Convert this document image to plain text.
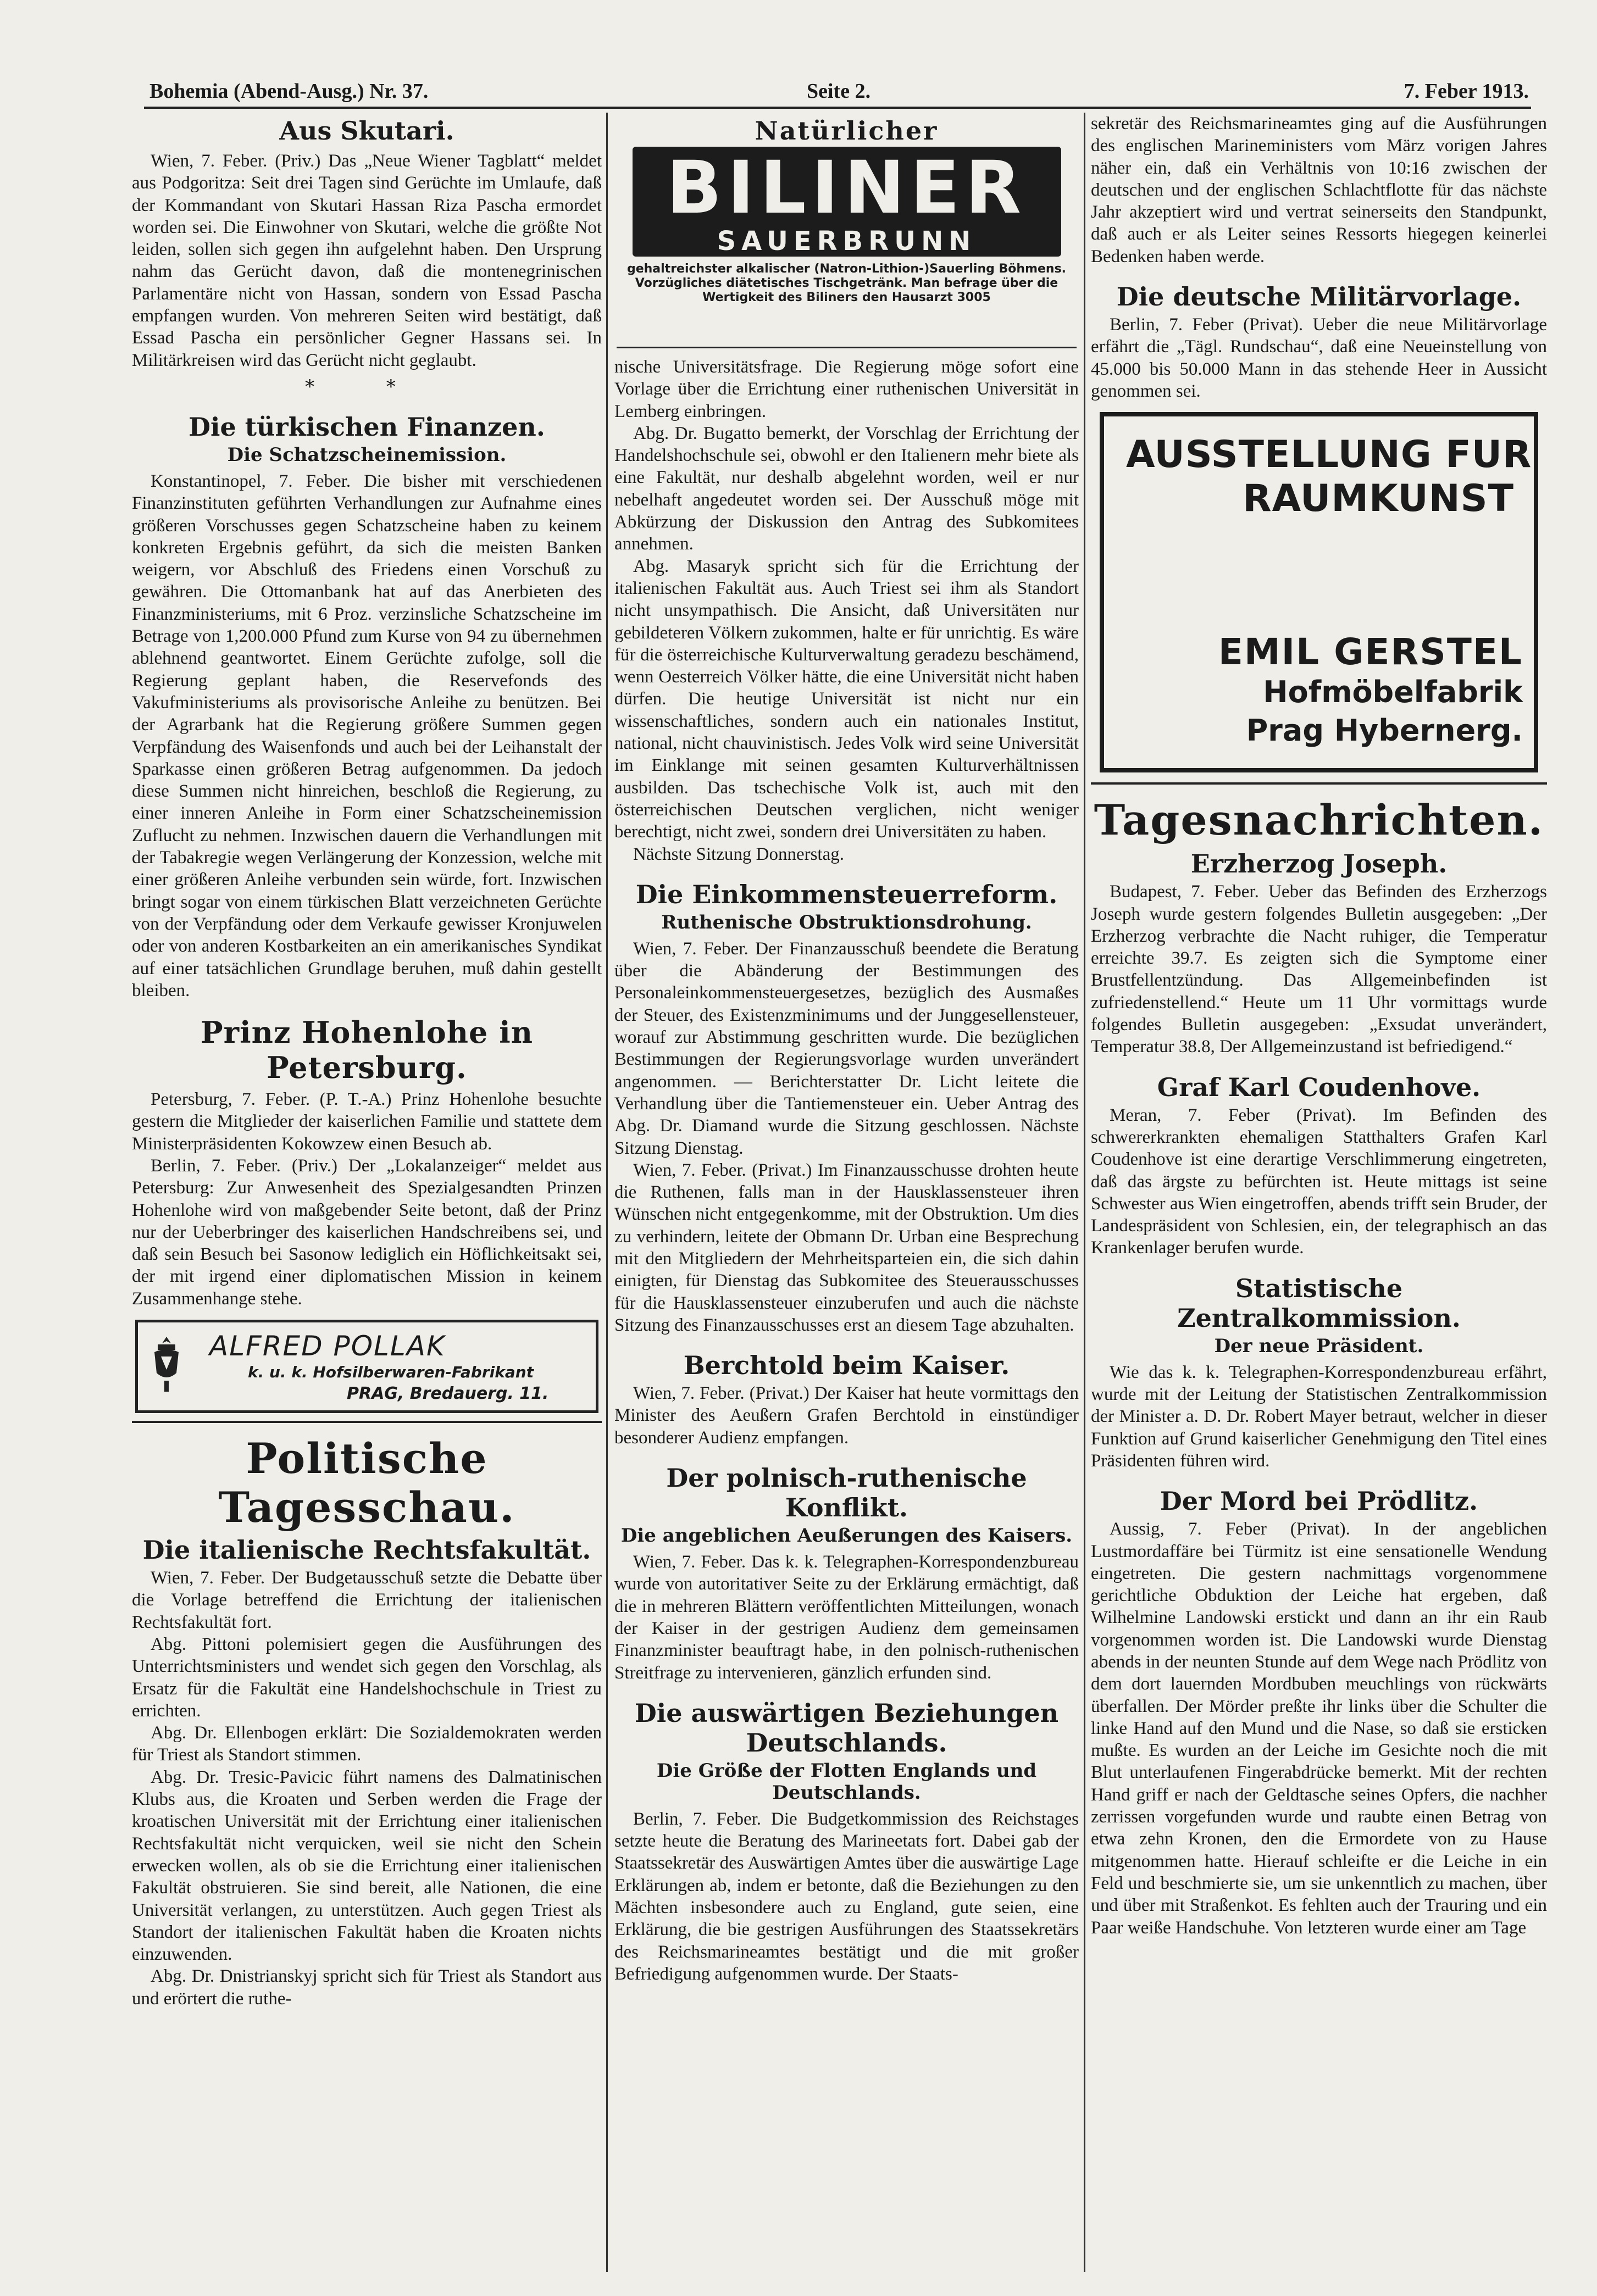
Bohemia (Abend-Ausg.) Nr. 37.	Seite 2.	7. Feber 1913.
Aus Skutari.

Wien, 7. Feber. (Priv.) Das „Neue Wiener Tagblatt“ meldet aus Podgoritza: Seit drei Tagen sind Gerüchte im Umlaufe, daß der Kommandant von Skutari Hassan Riza Pascha ermordet worden sei. Die Einwohner von Skutari, welche die größte Not leiden, sollen sich gegen ihn aufgelehnt haben. Den Ursprung nahm das Gerücht davon, daß die montenegrinischen Parlamentäre nicht von Hassan, sondern von Essad Pascha empfangen wurden. Von mehreren Seiten wird bestätigt, daß Essad Pascha ein persönlicher Gegner Hassans sei. In Militärkreisen wird das Gerücht nicht geglaubt.

* *

Die türkischen Finanzen.

Die Schatzscheinemission.

Konstantinopel, 7. Feber. Die bisher mit verschiedenen Finanzinstituten geführten Verhandlungen zur Aufnahme eines größeren Vorschusses gegen Schatzscheine haben zu keinem konkreten Ergebnis geführt, da sich die meisten Banken weigern, vor Abschluß des Friedens einen Vorschuß zu gewähren. Die Ottomanbank hat auf das Anerbieten des Finanzministeriums, mit 6 Proz. verzinsliche Schatzscheine im Betrage von 1,200.000 Pfund zum Kurse von 94 zu übernehmen ablehnend geantwortet. Einem Gerüchte zufolge, soll die Regierung geplant haben, die Reservefonds des Vakufministeriums als provisorische Anleihe zu benützen. Bei der Agrarbank hat die Regierung größere Summen gegen Verpfändung des Waisenfonds und auch bei der Leihanstalt der Sparkasse einen größeren Betrag aufgenommen. Da jedoch diese Summen nicht hinreichen, beschloß die Regierung, zu einer inneren Anleihe in Form einer Schatzscheinemission Zuflucht zu nehmen. Inzwischen dauern die Verhandlungen mit der Tabakregie wegen Verlängerung der Konzession, welche mit einer größeren Anleihe verbunden sein würde, fort. Inzwischen bringt sogar von einem türkischen Blatt verzeichneten Gerüchte von der Verpfändung oder dem Verkaufe gewisser Kronjuwelen oder von anderen Kostbarkeiten an ein amerikanisches Syndikat auf einer tatsächlichen Grundlage beruhen, muß dahin gestellt bleiben.

Prinz Hohenlohe in Petersburg.

Petersburg, 7. Feber. (P. T.-A.) Prinz Hohenlohe besuchte gestern die Mitglieder der kaiserlichen Familie und stattete dem Ministerpräsidenten Kokowzew einen Besuch ab.

Berlin, 7. Feber. (Priv.) Der „Lokalanzeiger“ meldet aus Petersburg: Zur Anwesenheit des Spezialgesandten Prinzen Hohenlohe wird von maßgebender Seite betont, daß der Prinz nur der Ueberbringer des kaiserlichen Handschreibens sei, und daß sein Besuch bei Sasonow lediglich ein Höflichkeitsakt sei, der mit irgend einer diplomatischen Mission in keinem Zusammenhange stehe.

ALFRED POLLAK
k. u. k. Hofsilberwaren-Fabrikant
PRAG, Bredauerg. 11.
Politische Tagesschau.
Die italienische Rechtsfakultät.

Wien, 7. Feber. Der Budgetausschuß setzte die Debatte über die Vorlage betreffend die Errichtung der italienischen Rechtsfakultät fort.

Abg. Pittoni polemisiert gegen die Ausführungen des Unterrichtsministers und wendet sich gegen den Vorschlag, als Ersatz für die Fakultät eine Handelshochschule in Triest zu errichten.

Abg. Dr. Ellenbogen erklärt: Die Sozialdemokraten werden für Triest als Standort stimmen.

Abg. Dr. Tresic-Pavicic führt namens des Dalmatinischen Klubs aus, die Kroaten und Serben werden die Frage der kroatischen Universität mit der Errichtung einer italienischen Rechtsfakultät nicht verquicken, weil sie nicht den Schein erwecken wollen, als ob sie die Errichtung einer italienischen Fakultät obstruieren. Sie sind bereit, alle Nationen, die eine Universität verlangen, zu unterstützen. Auch gegen Triest als Standort der italienischen Fakultät haben die Kroaten nichts einzuwenden.

Abg. Dr. Dnistrianskyj spricht sich für Triest als Standort aus und erörtert die ruthe-

Natürlicher

BILINER
SAUERBRUNN

gehaltreichster alkalischer (Natron-Lithion-)Sauerling Böhmens. Vorzügliches diätetisches Tischgetränk. Man befrage über die Wertigkeit des Biliners den Hausarzt 3005

nische Universitätsfrage. Die Regierung möge sofort eine Vorlage über die Errichtung einer ruthenischen Universität in Lemberg einbringen.

Abg. Dr. Bugatto bemerkt, der Vorschlag der Errichtung der Handelshochschule sei, obwohl er den Italienern mehr biete als eine Fakultät, nur deshalb abgelehnt worden, weil er nur nebelhaft angedeutet worden sei. Der Ausschuß möge mit Abkürzung der Diskussion den Antrag des Subkomitees annehmen.

Abg. Masaryk spricht sich für die Errichtung der italienischen Fakultät aus. Auch Triest sei ihm als Standort nicht unsympathisch. Die Ansicht, daß Universitäten nur gebildeteren Völkern zukommen, halte er für unrichtig. Es wäre für die österreichische Kulturverwaltung geradezu beschämend, wenn Oesterreich Völker hätte, die eine Universität nicht haben dürfen. Die heutige Universität ist nicht nur ein wissenschaftliches, sondern auch ein nationales Institut, national, nicht chauvinistisch. Jedes Volk wird seine Universität im Einklange mit seinen gesamten Kulturverhältnissen ausbilden. Das tschechische Volk ist, auch mit den österreichischen Deutschen verglichen, nicht weniger berechtigt, nicht zwei, sondern drei Universitäten zu haben.

Nächste Sitzung Donnerstag.

Die Einkommensteuerreform.

Ruthenische Obstruktionsdrohung.

Wien, 7. Feber. Der Finanzausschuß beendete die Beratung über die Abänderung der Bestimmungen des Personaleinkommensteuergesetzes, bezüglich des Ausmaßes der Steuer, des Existenzminimums und der Junggesellensteuer, worauf zur Abstimmung geschritten wurde. Die bezüglichen Bestimmungen der Regierungsvorlage wurden unverändert angenommen. — Berichterstatter Dr. Licht leitete die Verhandlung über die Tantiemensteuer ein. Ueber Antrag des Abg. Dr. Diamand wurde die Sitzung geschlossen. Nächste Sitzung Dienstag.

Wien, 7. Feber. (Privat.) Im Finanzausschusse drohten heute die Ruthenen, falls man in der Hausklassensteuer ihren Wünschen nicht entgegenkomme, mit der Obstruktion. Um dies zu verhindern, leitete der Obmann Dr. Urban eine Besprechung mit den Mitgliedern der Mehrheitsparteien ein, die sich dahin einigten, für Dienstag das Subkomitee des Steuerausschusses für die Hausklassensteuer einzuberufen und auch die nächste Sitzung des Finanzausschusses erst an diesem Tage abzuhalten.

Berchtold beim Kaiser.

Wien, 7. Feber. (Privat.) Der Kaiser hat heute vormittags den Minister des Aeußern Grafen Berchtold in einstündiger besonderer Audienz empfangen.

Der polnisch-ruthenische Konflikt.

Die angeblichen Aeußerungen des Kaisers.

Wien, 7. Feber. Das k. k. Telegraphen-Korrespondenzbureau wurde von autoritativer Seite zu der Erklärung ermächtigt, daß die in mehreren Blättern veröffentlichten Mitteilungen, wonach der Kaiser in der gestrigen Audienz dem gemeinsamen Finanzminister beauftragt habe, in den polnisch-ruthenischen Streitfrage zu intervenieren, gänzlich erfunden sind.

Die auswärtigen Beziehungen Deutschlands.

Die Größe der Flotten Englands und Deutschlands.

Berlin, 7. Feber. Die Budgetkommission des Reichstages setzte heute die Beratung des Marineetats fort. Dabei gab der Staatssekretär des Auswärtigen Amtes über die auswärtige Lage Erklärungen ab, indem er betonte, daß die Beziehungen zu den Mächten insbesondere auch zu England, gute seien, eine Erklärung, die bie gestrigen Ausführungen des Staatssekretärs des Reichsmarineamtes bestätigt und die mit großer Befriedigung aufgenommen wurde. Der Staats-

sekretär des Reichsmarineamtes ging auf die Ausführungen des englischen Marineministers vom März vorigen Jahres näher ein, daß ein Verhältnis von 10:16 zwischen der deutschen und der englischen Schlachtflotte für das nächste Jahr akzeptiert wird und vertrat seinerseits den Standpunkt, daß auch er als Leiter seines Ressorts hiegegen keinerlei Bedenken haben werde.

Die deutsche Militärvorlage.

Berlin, 7. Feber (Privat). Ueber die neue Militärvorlage erfährt die „Tägl. Rundschau“, daß eine Neueinstellung von 45.000 bis 50.000 Mann in das stehende Heer in Aussicht genommen sei.

AUSSTELLUNG FUR
RAUMKUNST
EMIL GERSTEL
Hofmöbelfabrik
Prag Hybernerg.
Tagesnachrichten.
Erzherzog Joseph.

Budapest, 7. Feber. Ueber das Befinden des Erzherzogs Joseph wurde gestern folgendes Bulletin ausgegeben: „Der Erzherzog verbrachte die Nacht ruhiger, die Temperatur erreichte 39.7. Es zeigten sich die Symptome einer Brustfellentzündung. Das Allgemeinbefinden ist zufriedenstellend.“ Heute um 11 Uhr vormittags wurde folgendes Bulletin ausgegeben: „Exsudat unverändert, Temperatur 38.8, Der Allgemeinzustand ist befriedigend.“

Graf Karl Coudenhove.

Meran, 7. Feber (Privat). Im Befinden des schwererkrankten ehemaligen Statthalters Grafen Karl Coudenhove ist eine derartige Verschlimmerung eingetreten, daß das ärgste zu befürchten ist. Heute mittags ist seine Schwester aus Wien eingetroffen, abends trifft sein Bruder, der Landespräsident von Schlesien, ein, der telegraphisch an das Krankenlager berufen wurde.

Statistische Zentralkommission.

Der neue Präsident.

Wie das k. k. Telegraphen-Korrespondenzbureau erfährt, wurde mit der Leitung der Statistischen Zentralkommission der Minister a. D. Dr. Robert Mayer betraut, welcher in dieser Funktion auf Grund kaiserlicher Genehmigung den Titel eines Präsidenten führen wird.

Der Mord bei Prödlitz.

Aussig, 7. Feber (Privat). In der angeblichen Lustmordaffäre bei Türmitz ist eine sensationelle Wendung eingetreten. Die gestern nachmittags vorgenommene gerichtliche Obduktion der Leiche hat ergeben, daß Wilhelmine Landowski erstickt und dann an ihr ein Raub vorgenommen worden ist. Die Landowski wurde Dienstag abends in der neunten Stunde auf dem Wege nach Prödlitz von dem dort lauernden Mordbuben meuchlings von rückwärts überfallen. Der Mörder preßte ihr links über die Schulter die linke Hand auf den Mund und die Nase, so daß sie ersticken mußte. Es wurden an der Leiche im Gesichte noch die mit Blut unterlaufenen Fingerabdrücke bemerkt. Mit der rechten Hand griff er nach der Geldtasche seines Opfers, die nachher zerrissen vorgefunden wurde und raubte einen Betrag von etwa zehn Kronen, den die Ermordete von zu Hause mitgenommen hatte. Hierauf schleifte er die Leiche in ein Feld und beschmierte sie, um sie unkenntlich zu machen, über und über mit Straßenkot. Es fehlten auch der Trauring und ein Paar weiße Handschuhe. Von letzteren wurde einer am Tage
